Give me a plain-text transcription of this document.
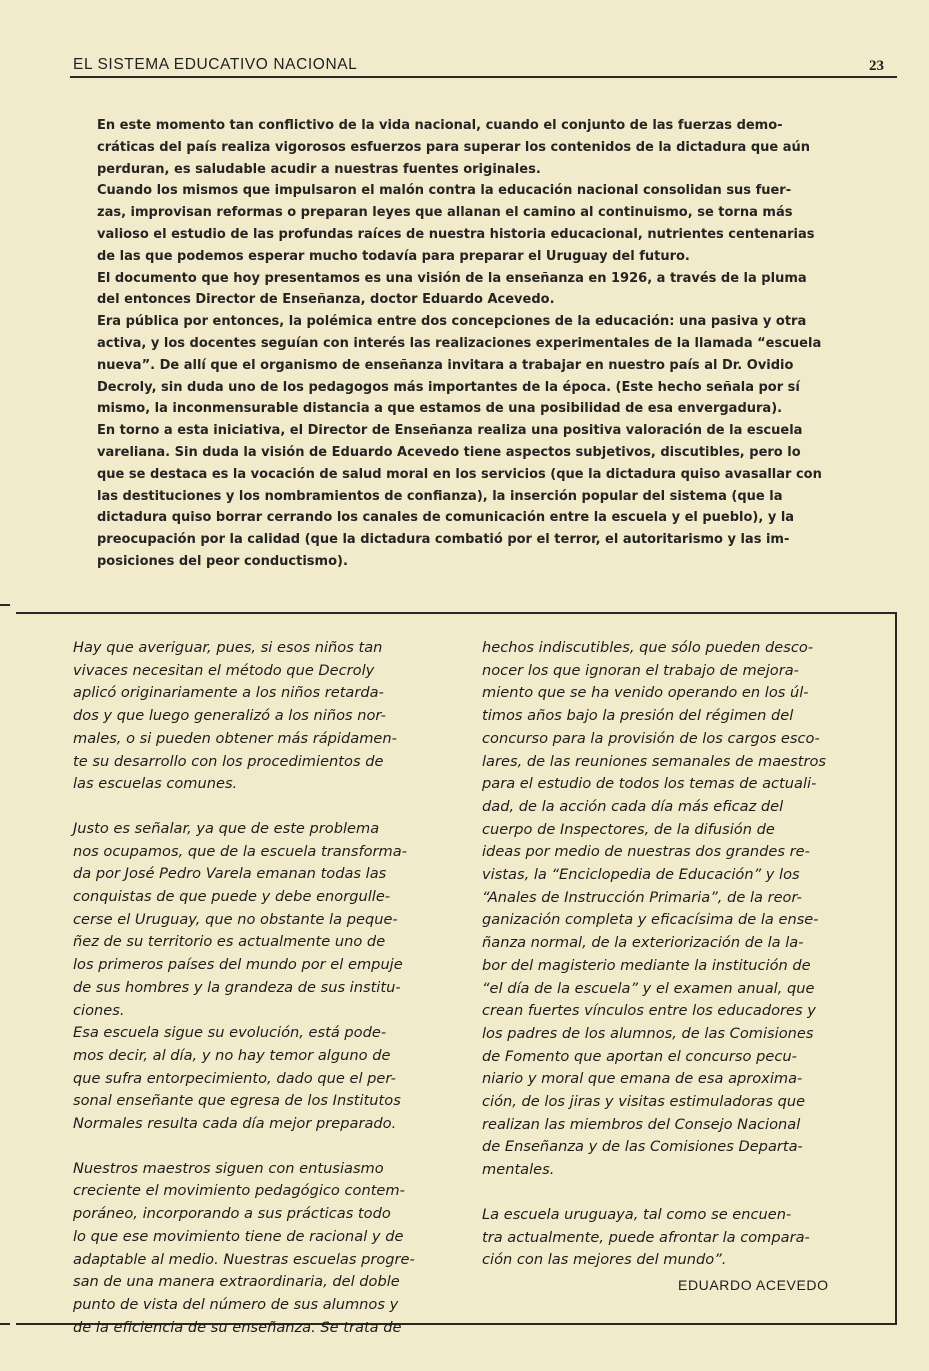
EL SISTEMA EDUCATIVO NACIONAL	23

En este momento tan conflictivo de la vida nacional, cuando el conjunto de las fuerzas demo-
cráticas del país realiza vigorosos esfuerzos para superar los contenidos de la dictadura que aún
perduran, es saludable acudir a nuestras fuentes originales.

Cuando los mismos que impulsaron el malón contra la educación nacional consolidan sus fuer-
zas, improvisan reformas o preparan leyes que allanan el camino al continuismo, se torna más
valioso el estudio de las profundas raíces de nuestra historia educacional, nutrientes centenarias
de las que podemos esperar mucho todavía para preparar el Uruguay del futuro.

El documento que hoy presentamos es una visión de la enseñanza en 1926, a través de la pluma
del entonces Director de Enseñanza, doctor Eduardo Acevedo.

Era pública por entonces, la polémica entre dos concepciones de la educación: una pasiva y otra
activa, y los docentes seguían con interés las realizaciones experimentales de la llamada “escuela
nueva”. De allí que el organismo de enseñanza invitara a trabajar en nuestro país al Dr. Ovidio
Decroly, sin duda uno de los pedagogos más importantes de la época. (Este hecho señala por sí
mismo, la inconmensurable distancia a que estamos de una posibilidad de esa envergadura).

En torno a esta iniciativa, el Director de Enseñanza realiza una positiva valoración de la escuela
vareliana. Sin duda la visión de Eduardo Acevedo tiene aspectos subjetivos, discutibles, pero lo
que se destaca es la vocación de salud moral en los servicios (que la dictadura quiso avasallar con
las destituciones y los nombramientos de confianza), la inserción popular del sistema (que la
dictadura quiso borrar cerrando los canales de comunicación entre la escuela y el pueblo), y la
preocupación por la calidad (que la dictadura combatió por el terror, el autoritarismo y las im-
posiciones del peor conductismo).

Hay que averiguar, pues, si esos niños tan
vivaces necesitan el método que Decroly
aplicó originariamente a los niños retarda-
dos y que luego generalizó a los niños nor-
males, o si pueden obtener más rápidamen-
te su desarrollo con los procedimientos de
las escuelas comunes.

Justo es señalar, ya que de este problema
nos ocupamos, que de la escuela transforma-
da por José Pedro Varela emanan todas las
conquistas de que puede y debe enorgulle-
cerse el Uruguay, que no obstante la peque-
ñez de su territorio es actualmente uno de
los primeros países del mundo por el empuje
de sus hombres y la grandeza de sus institu-
ciones.

Esa escuela sigue su evolución, está pode-
mos decir, al día, y no hay temor alguno de
que sufra entorpecimiento, dado que el per-
sonal enseñante que egresa de los Institutos
Normales resulta cada día mejor preparado.

Nuestros maestros siguen con entusiasmo
creciente el movimiento pedagógico contem-
poráneo, incorporando a sus prácticas todo
lo que ese movimiento tiene de racional y de
adaptable al medio. Nuestras escuelas progre-
san de una manera extraordinaria, del doble
punto de vista del número de sus alumnos y
de la eficiencia de su enseñanza. Se trata de

hechos indiscutibles, que sólo pueden desco-
nocer los que ignoran el trabajo de mejora-
miento que se ha venido operando en los úl-
timos años bajo la presión del régimen del
concurso para la provisión de los cargos esco-
lares, de las reuniones semanales de maestros
para el estudio de todos los temas de actuali-
dad, de la acción cada día más eficaz del
cuerpo de Inspectores, de la difusión de
ideas por medio de nuestras dos grandes re-
vistas, la “Enciclopedia de Educación” y los
“Anales de Instrucción Primaria”, de la reor-
ganización completa y eficacísima de la ense-
ñanza normal, de la exteriorización de la la-
bor del magisterio mediante la institución de
“el día de la escuela” y el examen anual, que
crean fuertes vínculos entre los educadores y
los padres de los alumnos, de las Comisiones
de Fomento que aportan el concurso pecu-
niario y moral que emana de esa aproxima-
ción, de los jiras y visitas estimuladoras que
realizan las miembros del Consejo Nacional
de Enseñanza y de las Comisiones Departa-
mentales.

La escuela uruguaya, tal como se encuen-
tra actualmente, puede afrontar la compara-
ción con las mejores del mundo”.

EDUARDO ACEVEDO
